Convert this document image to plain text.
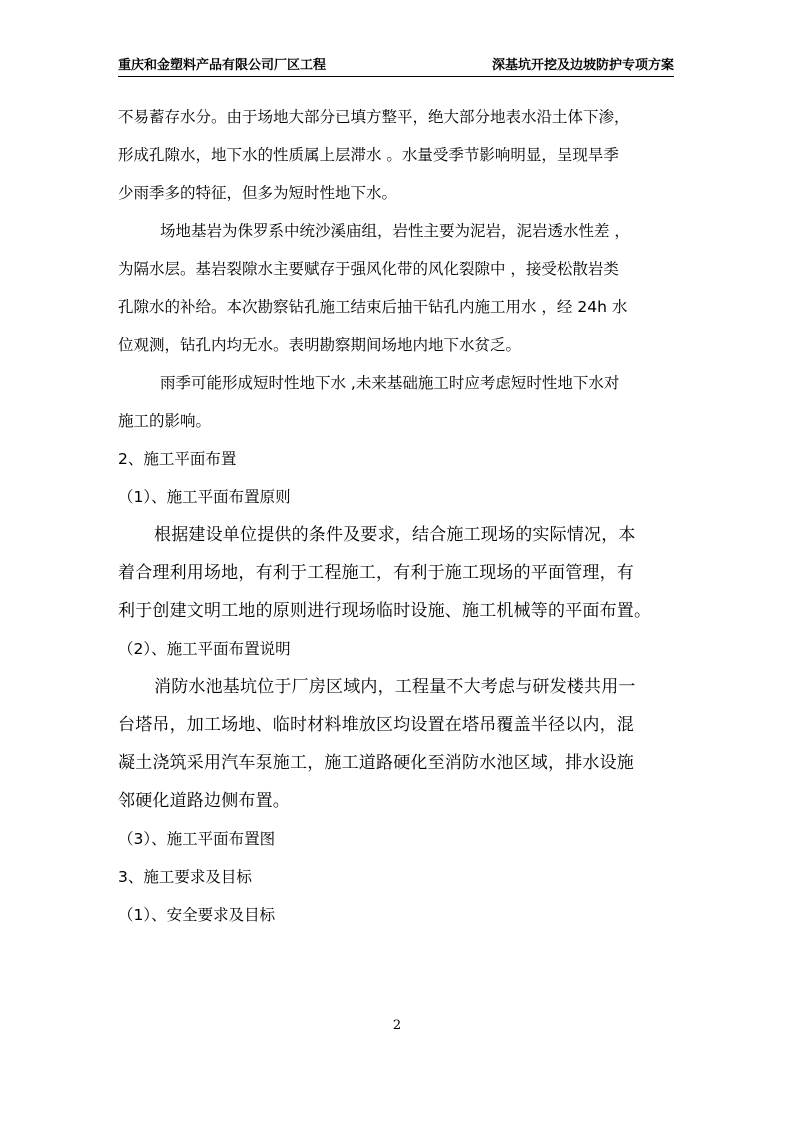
重庆和金塑料产品有限公司厂区工程	深基坑开挖及边坡防护专项方案
不易蓄存水分。由于场地大部分已填方整平，绝大部分地表水沿土体下渗，
形成孔隙水，地下水的性质属上层滞水 。水量受季节影响明显，呈现旱季
少雨季多的特征，但多为短时性地下水。
场地基岩为侏罗系中统沙溪庙组，岩性主要为泥岩，泥岩透水性差 ，
为隔水层。基岩裂隙水主要赋存于强风化带的风化裂隙中 ，接受松散岩类
孔隙水的补给。本次勘察钻孔施工结束后抽干钻孔内施工用水 ，经 24h 水
位观测，钻孔内均无水。表明勘察期间场地内地下水贫乏。
雨季可能形成短时性地下水 ,未来基础施工时应考虑短时性地下水对
施工的影响。
2、施工平面布置
（1）、施工平面布置原则
根据建设单位提供的条件及要求，结合施工现场的实际情况，本
着合理利用场地，有利于工程施工，有利于施工现场的平面管理，有
利于创建文明工地的原则进行现场临时设施、施工机械等的平面布置。
（2）、施工平面布置说明
消防水池基坑位于厂房区域内，工程量不大考虑与研发楼共用一
台塔吊，加工场地、临时材料堆放区均设置在塔吊覆盖半径以内，混
凝土浇筑采用汽车泵施工，施工道路硬化至消防水池区域，排水设施
邻硬化道路边侧布置。
（3）、施工平面布置图
3、施工要求及目标
（1）、安全要求及目标
2
